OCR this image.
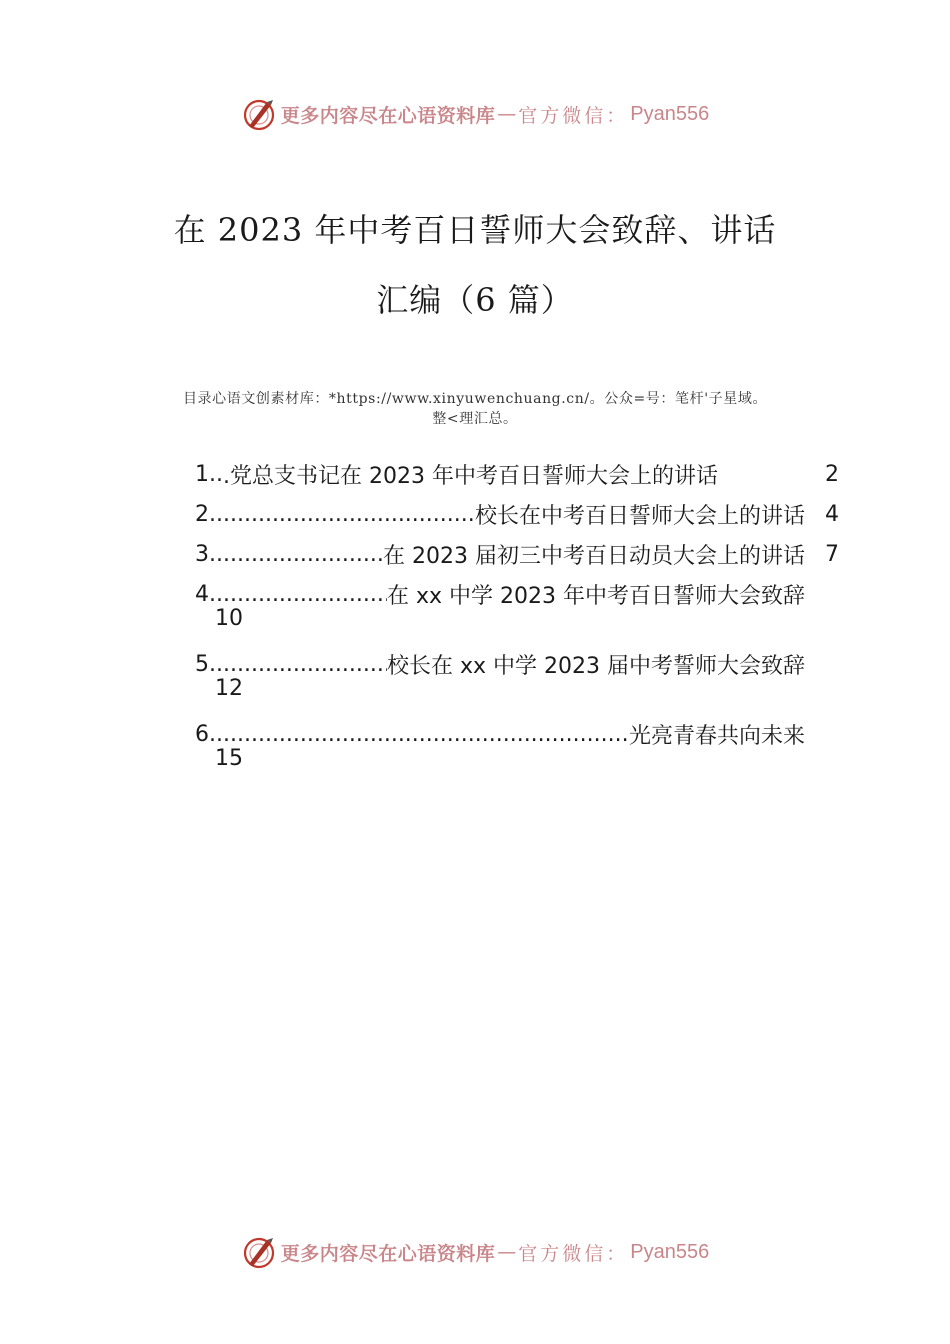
更多内容尽在心语资料库 — 官方微信： Pyan556
在 2023 年中考百日誓师大会致辞、讲话
汇编（6 篇）
目录心语文创素材库：*https://www.xinyuwenchuang.cn/。公众=号：笔杆'子星域。
整<理汇总。
1.. .党总支书记在 2023 年中考百日誓师大会上的讲话	2
2 .....	校长在中考百日誓师大会上的讲话 4
3 .....	在 2023 届初三中考百日动员大会上的讲话 7
4 .....	在 xx 中学 2023 年中考百日誓师大会致辞
10
5 .....	校长在 xx 中学 2023 届中考誓师大会致辞
12
6 .....	光亮青春共向未来
15
更多内容尽在心语资料库 — 官方微信： Pyan556
